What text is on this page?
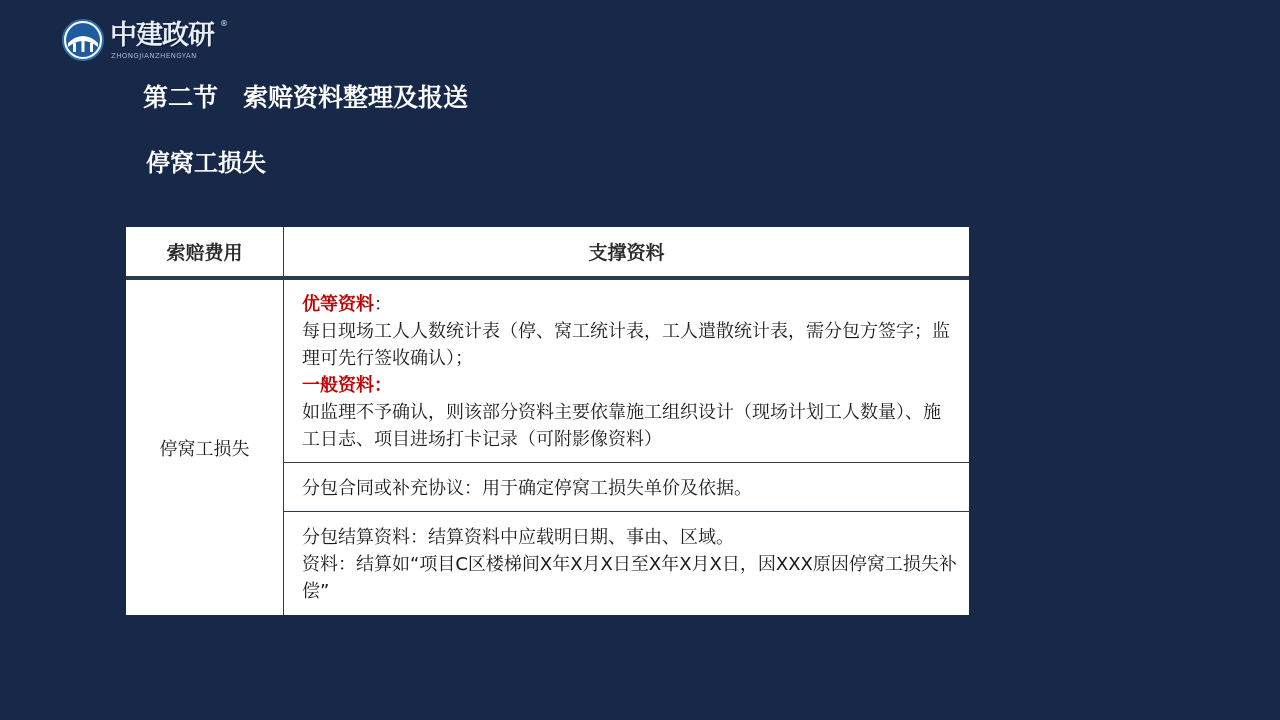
中建政研
ZHONGJIANZHENGYAN
®
第二节　索赔资料整理及报送
停窝工损失
索赔费用	支撑资料
停窝工损失
优等资料：
每日现场工人人数统计表（停、窝工统计表，工人遣散统计表，需分包方签字；监理可先行签收确认）；
一般资料：
如监理不予确认，则该部分资料主要依靠施工组织设计（现场计划工人数量）、施工日志、项目进场打卡记录（可附影像资料）
分包合同或补充协议：用于确定停窝工损失单价及依据。
分包结算资料：结算资料中应载明日期、事由、区域。
资料：结算如“项目C区楼梯间X年X月X日至X年X月X日，因XXX原因停窝工损失补偿”
